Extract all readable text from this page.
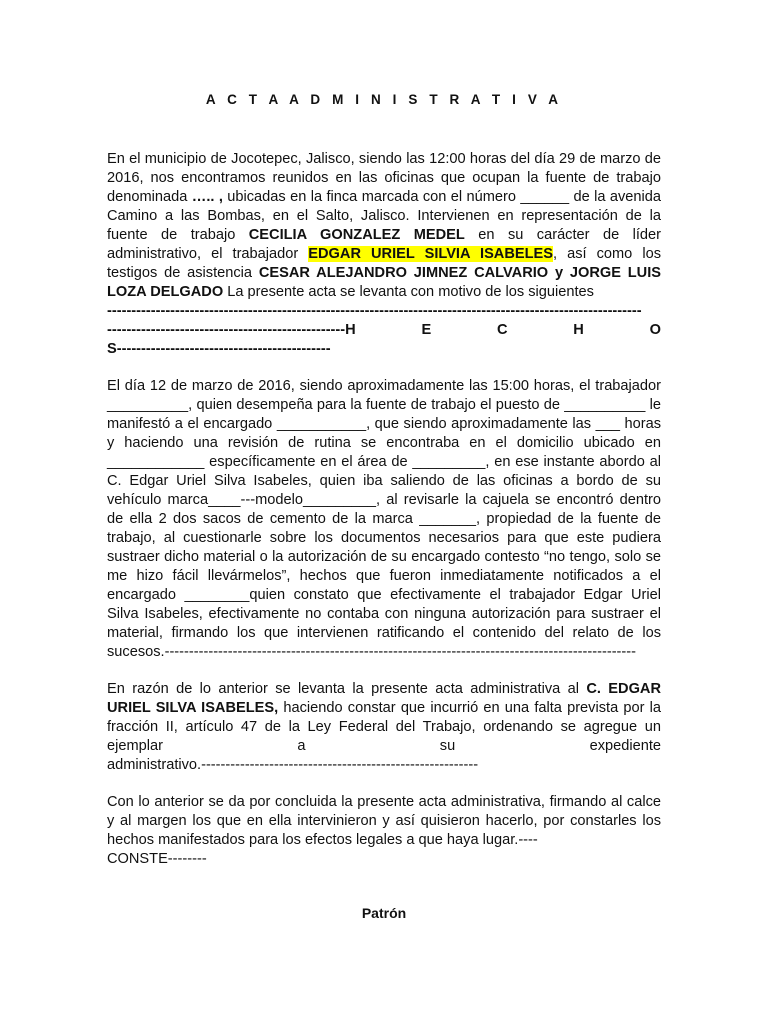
A C T A A D M I N I S T R A T I V A

En el municipio de Jocotepec, Jalisco, siendo las 12:00 horas del día 29 de marzo de 2016, nos encontramos reunidos en las oficinas que ocupan la fuente de trabajo denominada ….. , ubicadas en la finca marcada con el número ______ de la avenida Camino a las Bombas, en el Salto, Jalisco. Intervienen en representación de la fuente de trabajo CECILIA GONZALEZ MEDEL en su carácter de líder administrativo, el trabajador EDGAR URIEL SILVIA ISABELES, así como los testigos de asistencia CESAR ALEJANDRO JIMNEZ CALVARIO y JORGE LUIS LOZA DELGADO La presente acta se levanta con motivo de los siguientes

--------------------------------------------------------------------------------------------------------------
-------------------------------------------------H	E	C	H	O
S--------------------------------------------

El día 12 de marzo de 2016, siendo aproximadamente las 15:00 horas, el trabajador __________, quien desempeña para la fuente de trabajo el puesto de __________ le manifestó a el encargado ___________, que siendo aproximadamente las ___ horas y haciendo una revisión de rutina se encontraba en el domicilio ubicado en ____________ específicamente en el área de _________, en ese instante abordo al C. Edgar Uriel Silva Isabeles, quien iba saliendo de las oficinas a bordo de su vehículo marca____---modelo_________, al revisarle la cajuela se encontró dentro de ella 2 dos sacos de cemento de la marca _______, propiedad de la fuente de trabajo, al cuestionarle sobre los documentos necesarios para que este pudiera sustraer dicho material o la autorización de su encargado contesto “no tengo, solo se me hizo fácil llevármelos”, hechos que fueron inmediatamente notificados a el encargado ________quien constato que efectivamente el trabajador Edgar Uriel Silva Isabeles, efectivamente no contaba con ninguna autorización para sustraer el material, firmando los que intervienen ratificando el contenido del relato de los

sucesos.-------------------------------------------------------------------------------------------------

En razón de lo anterior se levanta la presente acta administrativa al C. EDGAR URIEL SILVA ISABELES, haciendo constar que incurrió en una falta prevista por la fracción II, artículo 47 de la Ley Federal del Trabajo, ordenando se agregue un ejemplar a su expediente

administrativo.---------------------------------------------------------

Con lo anterior se da por concluida la presente acta administrativa, firmando al calce y al margen los que en ella intervinieron y así quisieron hacerlo, por constarles los hechos manifestados para los efectos legales a que haya lugar.----

CONSTE--------
Patrón
